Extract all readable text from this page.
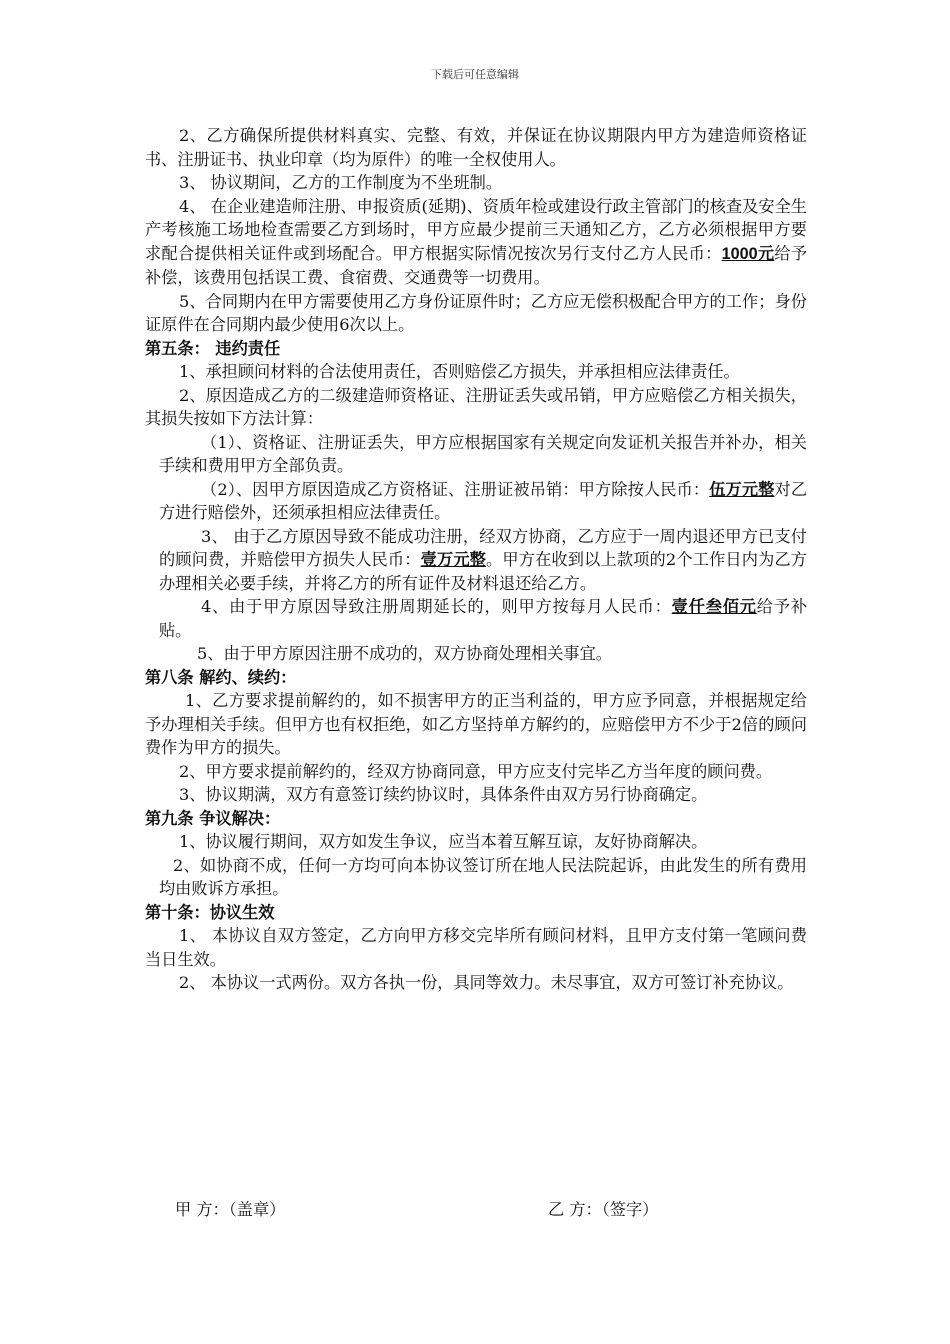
下载后可任意编辑

2、乙方确保所提供材料真实、完整、有效，并保证在协议期限内甲方为建造师资格证书、注册证书、执业印章（均为原件）的唯一全权使用人。

3、 协议期间，乙方的工作制度为不坐班制。

4、 在企业建造师注册、申报资质(延期)、资质年检或建设行政主管部门的核查及安全生产考核施工场地检查需要乙方到场时，甲方应最少提前三天通知乙方，乙方必须根据甲方要求配合提供相关证件或到场配合。甲方根据实际情况按次另行支付乙方人民币：1000元给予补偿，该费用包括误工费、食宿费、交通费等一切费用。

5、合同期内在甲方需要使用乙方身份证原件时；乙方应无偿积极配合甲方的工作；身份证原件在合同期内最少使用6次以上。

第五条： 违约责任

1、承担顾问材料的合法使用责任，否则赔偿乙方损失，并承担相应法律责任。

2、原因造成乙方的二级建造师资格证、注册证丢失或吊销，甲方应赔偿乙方相关损失，其损失按如下方法计算：

（1）、资格证、注册证丢失，甲方应根据国家有关规定向发证机关报告并补办，相关手续和费用甲方全部负责。

（2）、因甲方原因造成乙方资格证、注册证被吊销：甲方除按人民币：伍万元整对乙方进行赔偿外，还须承担相应法律责任。

3、 由于乙方原因导致不能成功注册，经双方协商，乙方应于一周内退还甲方已支付的顾问费，并赔偿甲方损失人民币：壹万元整。甲方在收到以上款项的2个工作日内为乙方办理相关必要手续，并将乙方的所有证件及材料退还给乙方。

4、由于甲方原因导致注册周期延长的，则甲方按每月人民币：壹仟叁佰元给予补贴。

5、由于甲方原因注册不成功的，双方协商处理相关事宜。

第八条 解约、续约：

1、乙方要求提前解约的，如不损害甲方的正当利益的，甲方应予同意，并根据规定给予办理相关手续。但甲方也有权拒绝，如乙方坚持单方解约的，应赔偿甲方不少于2倍的顾问费作为甲方的损失。

2、甲方要求提前解约的，经双方协商同意，甲方应支付完毕乙方当年度的顾问费。

3、协议期满，双方有意签订续约协议时，具体条件由双方另行协商确定。

第九条 争议解决：

1、协议履行期间，双方如发生争议，应当本着互解互谅，友好协商解决。

2、如协商不成，任何一方均可向本协议签订所在地人民法院起诉，由此发生的所有费用均由败诉方承担。

第十条：协议生效

1、 本协议自双方签定，乙方向甲方移交完毕所有顾问材料，且甲方支付第一笔顾问费当日生效。

2、 本协议一式两份。双方各执一份，具同等效力。未尽事宜，双方可签订补充协议。

甲 方：（盖章）	乙 方：（签字）
